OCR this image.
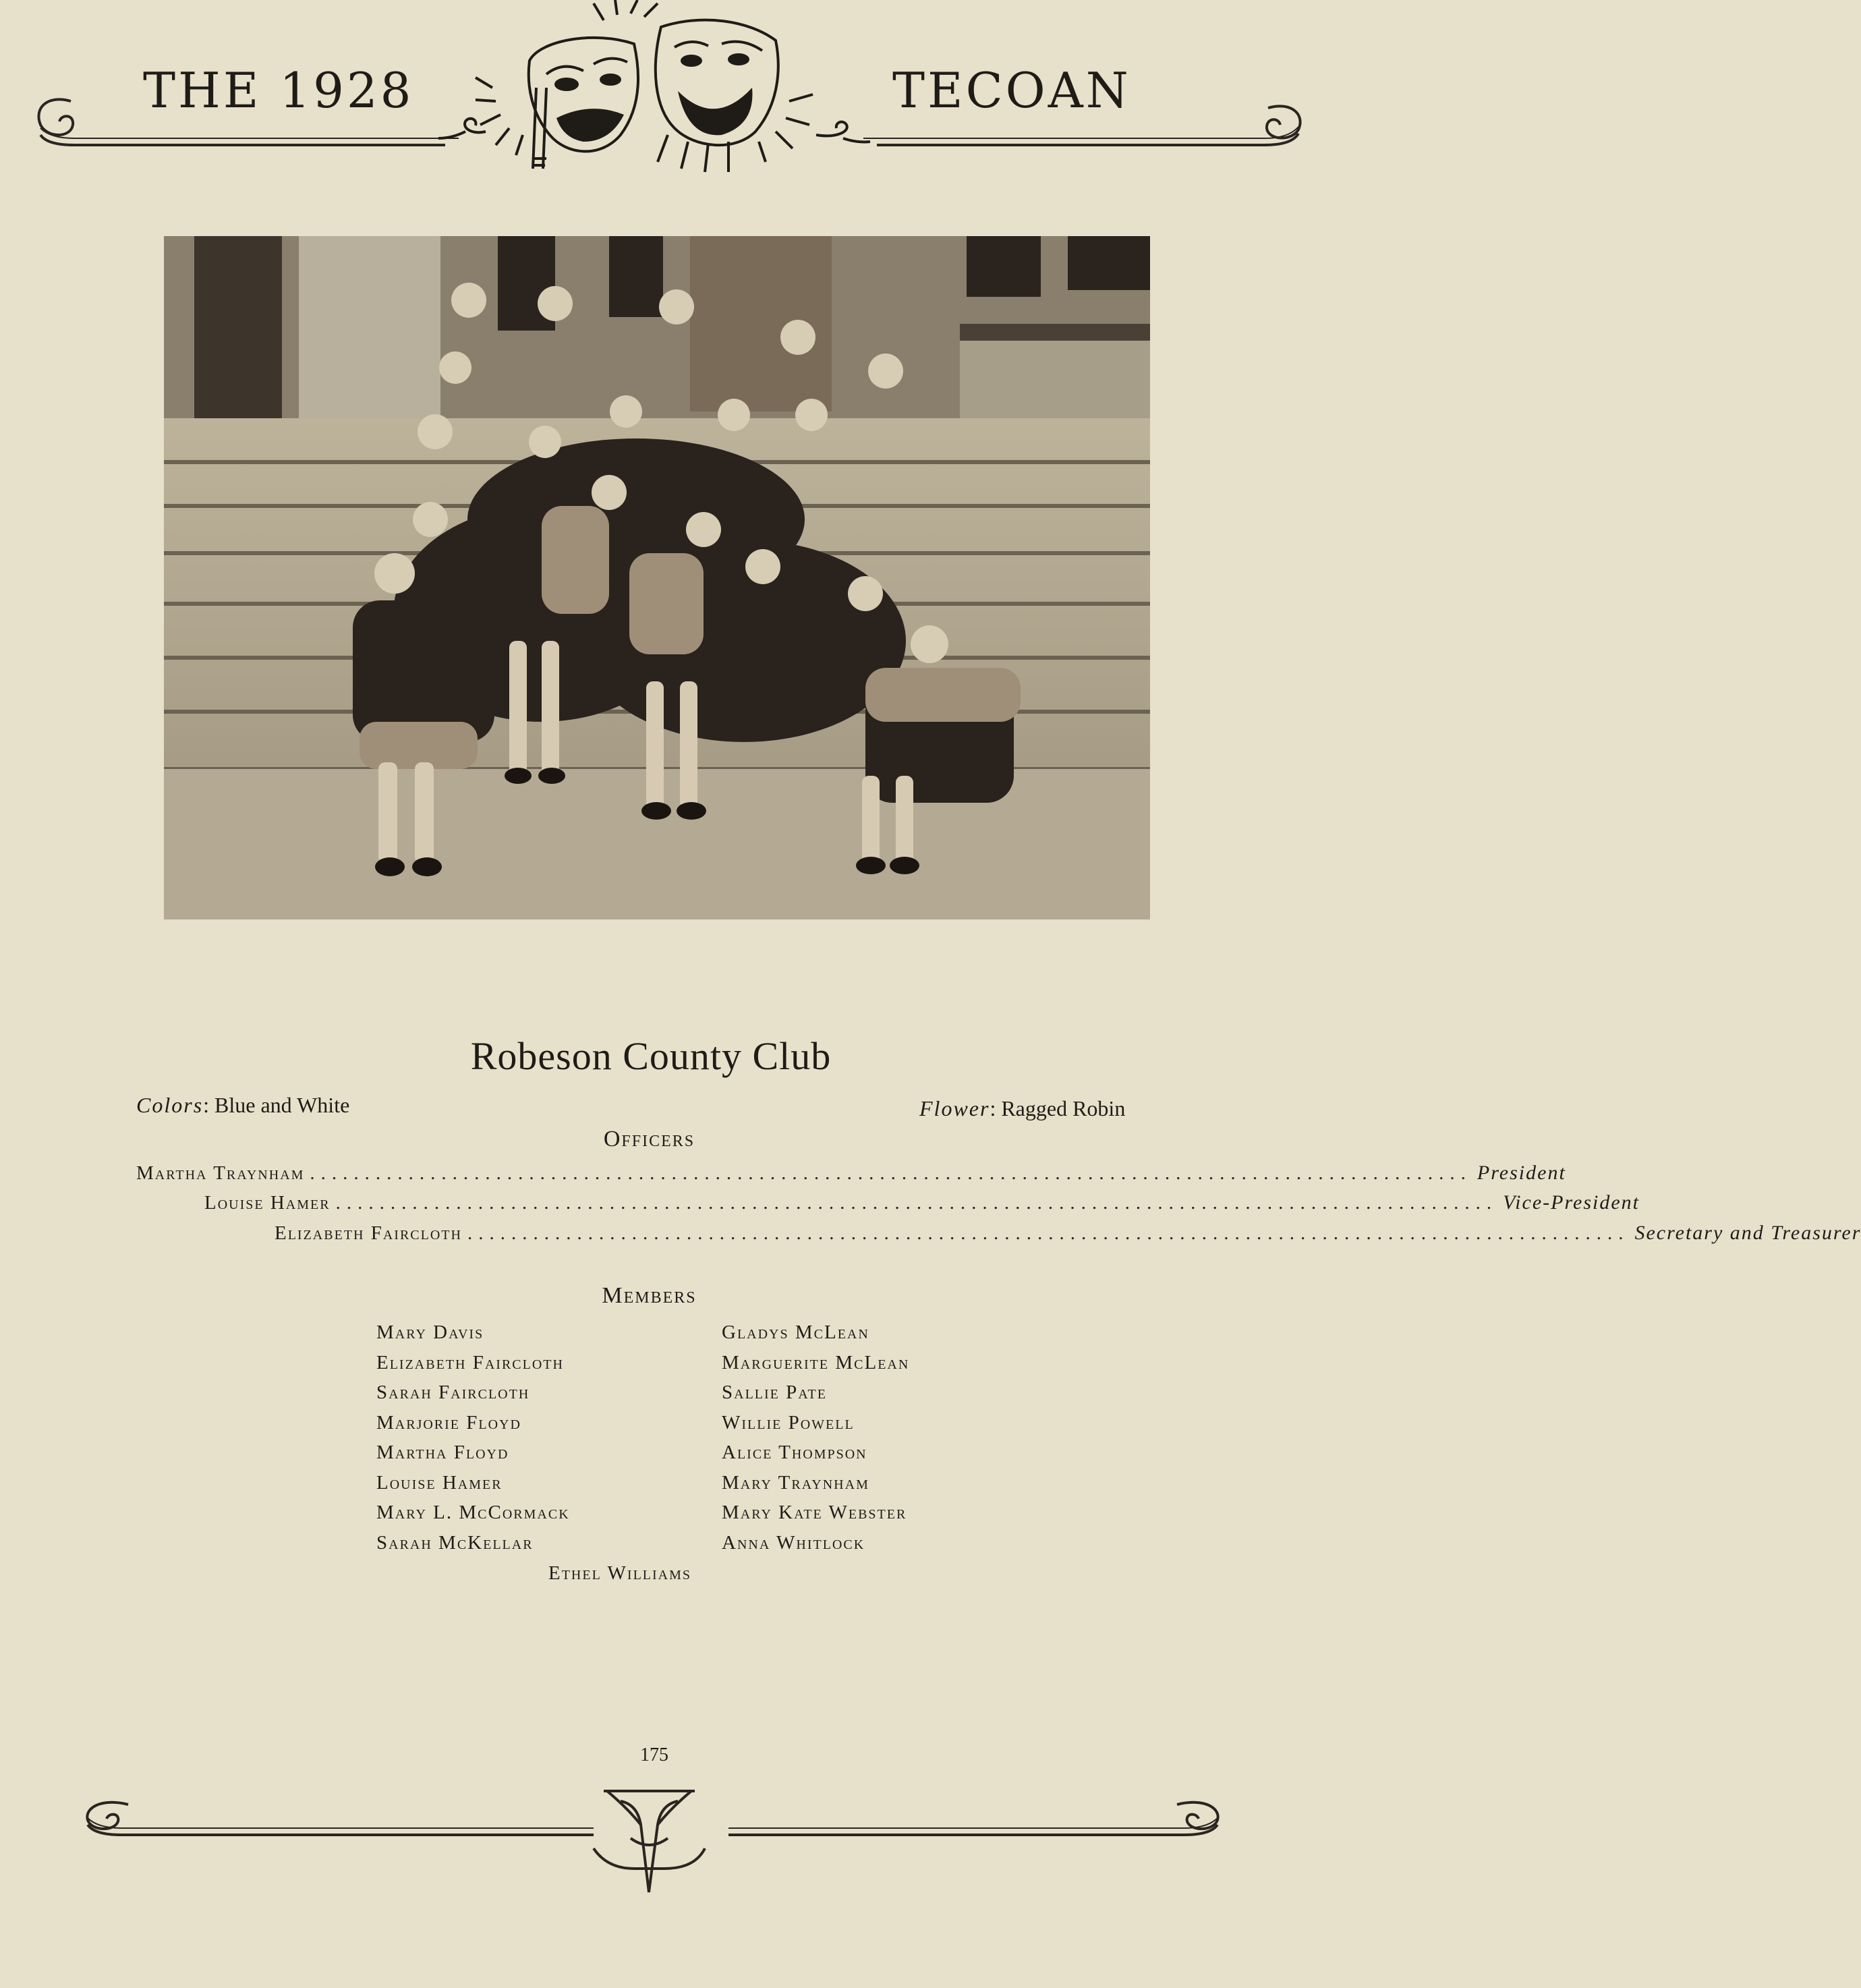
THE 1928	TECOAN
Robeson County Club
Colors: Blue and White	Flower: Ragged Robin
Officers
Martha Traynham .......................................................................................................... President
Louise Hamer .......................................................................................................... Vice-President
Elizabeth Faircloth .......................................................................................................... Secretary and Treasurer
Members
Mary Davis
Elizabeth Faircloth
Sarah Faircloth
Marjorie Floyd
Martha Floyd
Louise Hamer
Mary L. McCormack
Sarah McKellar
Gladys McLean
Marguerite McLean
Sallie Pate
Willie Powell
Alice Thompson
Mary Traynham
Mary Kate Webster
Anna Whitlock
Ethel Williams
175
